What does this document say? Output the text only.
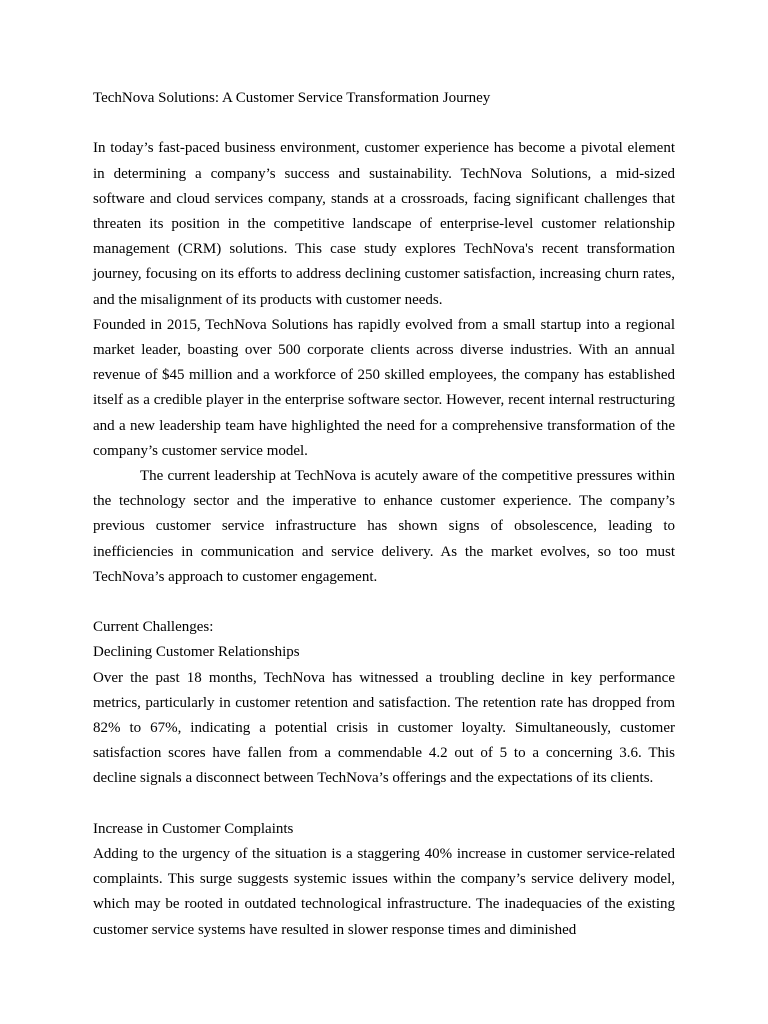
TechNova Solutions: A Customer Service Transformation Journey

In today’s fast-paced business environment, customer experience has become a pivotal element in determining a company’s success and sustainability. TechNova Solutions, a mid-sized software and cloud services company, stands at a crossroads, facing significant challenges that threaten its position in the competitive landscape of enterprise-level customer relationship management (CRM) solutions. This case study explores TechNova's recent transformation journey, focusing on its efforts to address declining customer satisfaction, increasing churn rates, and the misalignment of its products with customer needs.

Founded in 2015, TechNova Solutions has rapidly evolved from a small startup into a regional market leader, boasting over 500 corporate clients across diverse industries. With an annual revenue of $45 million and a workforce of 250 skilled employees, the company has established itself as a credible player in the enterprise software sector. However, recent internal restructuring and a new leadership team have highlighted the need for a comprehensive transformation of the company’s customer service model.

The current leadership at TechNova is acutely aware of the competitive pressures within the technology sector and the imperative to enhance customer experience. The company’s previous customer service infrastructure has shown signs of obsolescence, leading to inefficiencies in communication and service delivery. As the market evolves, so too must TechNova’s approach to customer engagement.

Current Challenges:

Declining Customer Relationships

Over the past 18 months, TechNova has witnessed a troubling decline in key performance metrics, particularly in customer retention and satisfaction. The retention rate has dropped from 82% to 67%, indicating a potential crisis in customer loyalty. Simultaneously, customer satisfaction scores have fallen from a commendable 4.2 out of 5 to a concerning 3.6. This decline signals a disconnect between TechNova’s offerings and the expectations of its clients.

Increase in Customer Complaints

Adding to the urgency of the situation is a staggering 40% increase in customer service-related complaints. This surge suggests systemic issues within the company’s service delivery model, which may be rooted in outdated technological infrastructure. The inadequacies of the existing customer service systems have resulted in slower response times and diminished
